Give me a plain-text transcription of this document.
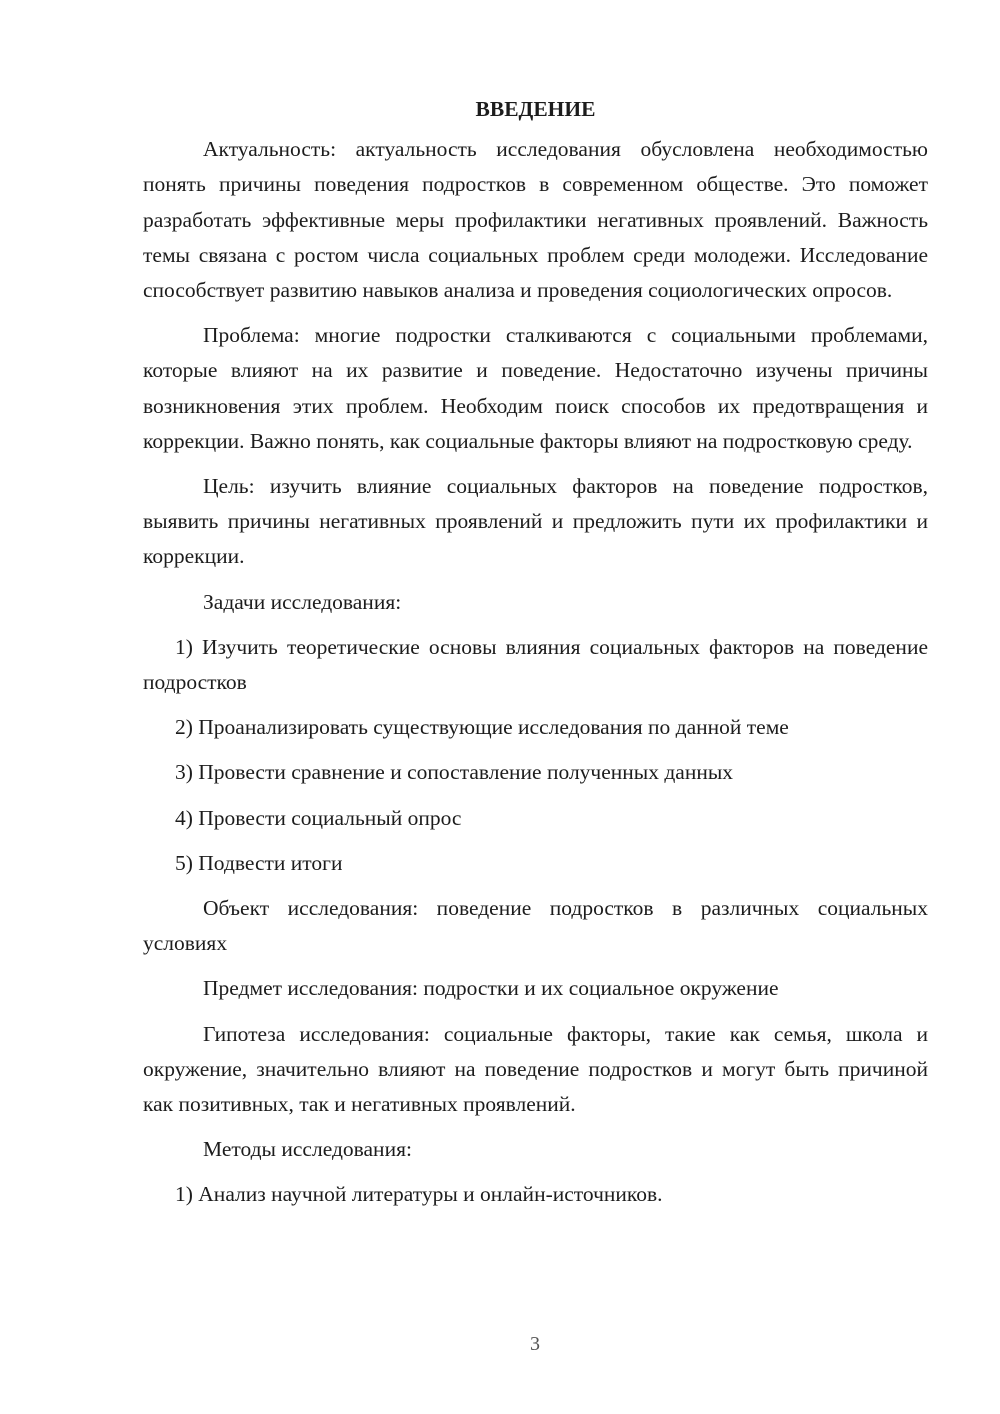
ВВЕДЕНИЕ
Актуальность: актуальность исследования обусловлена необходимостью понять причины поведения подростков в современном обществе. Это поможет разработать эффективные меры профилактики негативных проявлений. Важность темы связана с ростом числа социальных проблем среди молодежи. Исследование способствует развитию навыков анализа и проведения социологических опросов.
Проблема: многие подростки сталкиваются с социальными проблемами, которые влияют на их развитие и поведение. Недостаточно изучены причины возникновения этих проблем. Необходим поиск способов их предотвращения и коррекции. Важно понять, как социальные факторы влияют на подростковую среду.
Цель: изучить влияние социальных факторов на поведение подростков, выявить причины негативных проявлений и предложить пути их профилактики и коррекции.
Задачи исследования:
1) Изучить теоретические основы влияния социальных факторов на поведение подростков
2) Проанализировать существующие исследования по данной теме
3) Провести сравнение и сопоставление полученных данных
4) Провести социальный опрос
5) Подвести итоги
Объект исследования: поведение подростков в различных социальных условиях
Предмет исследования: подростки и их социальное окружение
Гипотеза исследования: социальные факторы, такие как семья, школа и окружение, значительно влияют на поведение подростков и могут быть причиной как позитивных, так и негативных проявлений.
Методы исследования:
1) Анализ научной литературы и онлайн-источников.
3
